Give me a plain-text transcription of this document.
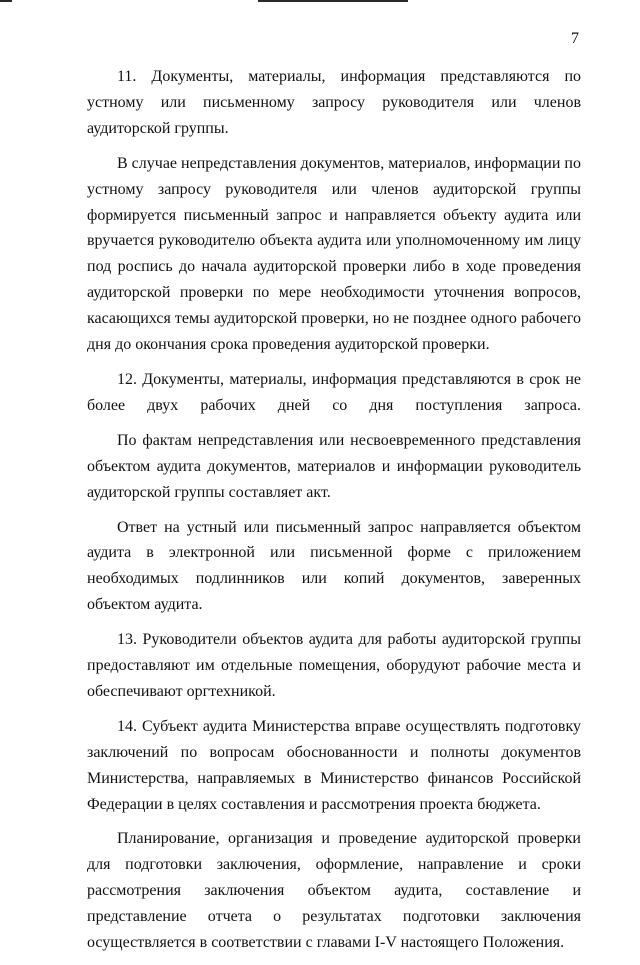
7

11. Документы, материалы, информация представляются по устному или письменному запросу руководителя или членов аудиторской группы.

В случае непредставления документов, материалов, информации по устному запросу руководителя или членов аудиторской группы формируется письменный запрос и направляется объекту аудита или вручается руководителю объекта аудита или уполномоченному им лицу под роспись до начала аудиторской проверки либо в ходе проведения аудиторской проверки по мере необходимости уточнения вопросов, касающихся темы аудиторской проверки, но не позднее одного рабочего дня до окончания срока проведения аудиторской проверки.

12. Документы, материалы, информация представляются в срок не более двух рабочих дней со дня поступления запроса.

По фактам непредставления или несвоевременного представления объектом аудита документов, материалов и информации руководитель аудиторской группы составляет акт.

Ответ на устный или письменный запрос направляется объектом аудита в электронной или письменной форме с приложением необходимых подлинников или копий документов, заверенных объектом аудита.

13. Руководители объектов аудита для работы аудиторской группы предоставляют им отдельные помещения, оборудуют рабочие места и обеспечивают оргтехникой.

14. Субъект аудита Министерства вправе осуществлять подготовку заключений по вопросам обоснованности и полноты документов Министерства, направляемых в Министерство финансов Российской Федерации в целях составления и рассмотрения проекта бюджета.

Планирование, организация и проведение аудиторской проверки для подготовки заключения, оформление, направление и сроки рассмотрения заключения объектом аудита, составление и представление отчета о результатах подготовки заключения осуществляется в соответствии с главами I-V настоящего Положения.
